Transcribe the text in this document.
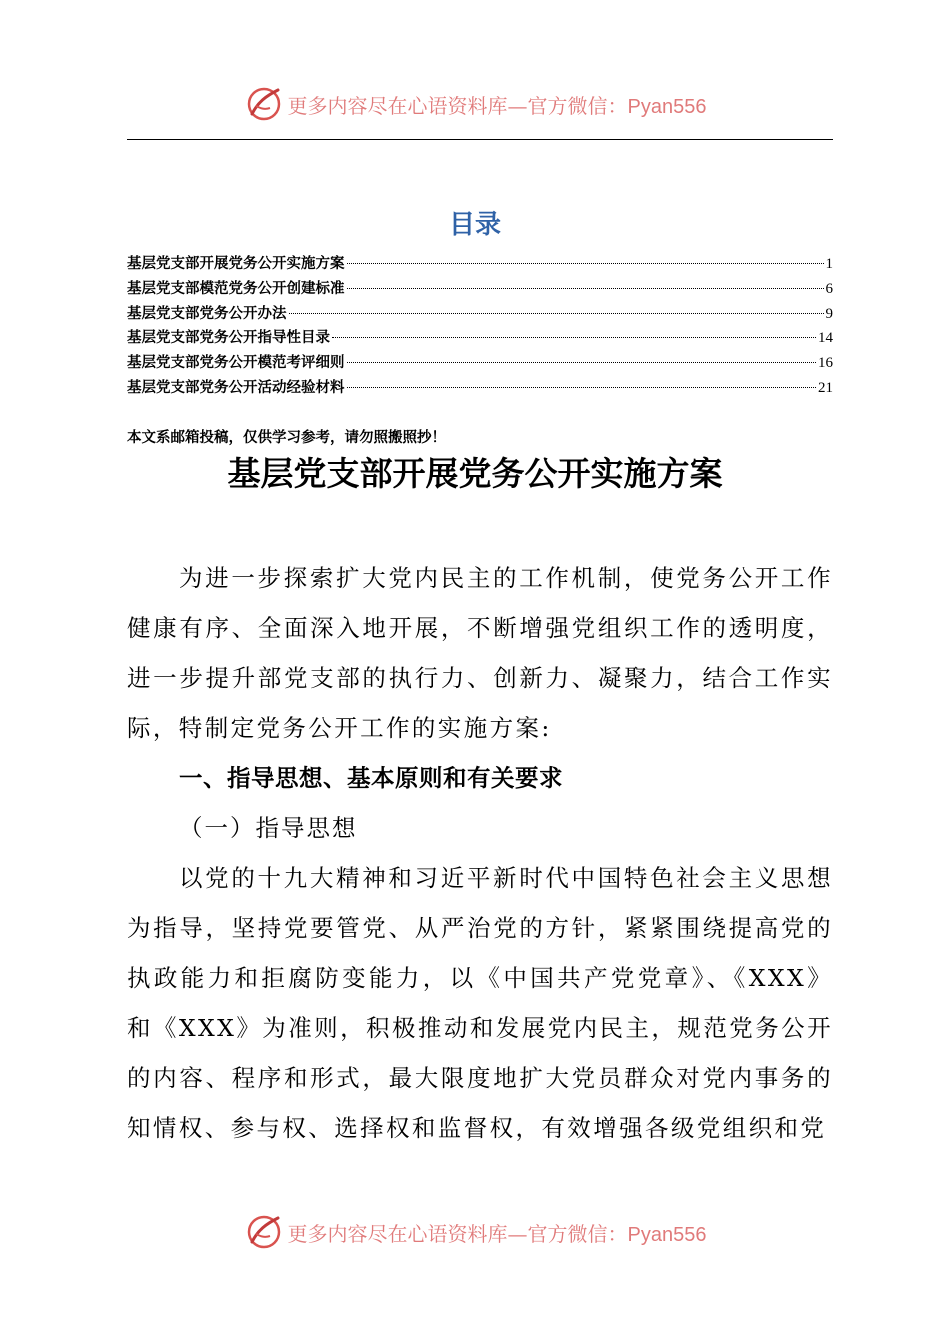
更多内容尽在心语资料库—官方微信：Pyan556
目录
基层党支部开展党务公开实施方案	1
基层党支部模范党务公开创建标准	6
基层党支部党务公开办法	9
基层党支部党务公开指导性目录	14
基层党支部党务公开模范考评细则	16
基层党支部党务公开活动经验材料	21
本文系邮箱投稿，仅供学习参考，请勿照搬照抄！
基层党支部开展党务公开实施方案

为进一步探索扩大党内民主的工作机制，使党务公开工作健康有序、全面深入地开展，不断增强党组织工作的透明度，进一步提升部党支部的执行力、创新力、凝聚力，结合工作实际，特制定党务公开工作的实施方案:

一、指导思想、基本原则和有关要求
（一）指导思想

以党的十九大精神和习近平新时代中国特色社会主义思想为指导，坚持党要管党、从严治党的方针，紧紧围绕提高党的执政能力和拒腐防变能力，以《中国共产党党章》、《XXX》和《XXX》为准则，积极推动和发展党内民主，规范党务公开的内容、程序和形式，最大限度地扩大党员群众对党内事务的知情权、参与权、选择权和监督权，有效增强各级党组织和党

更多内容尽在心语资料库—官方微信：Pyan556
